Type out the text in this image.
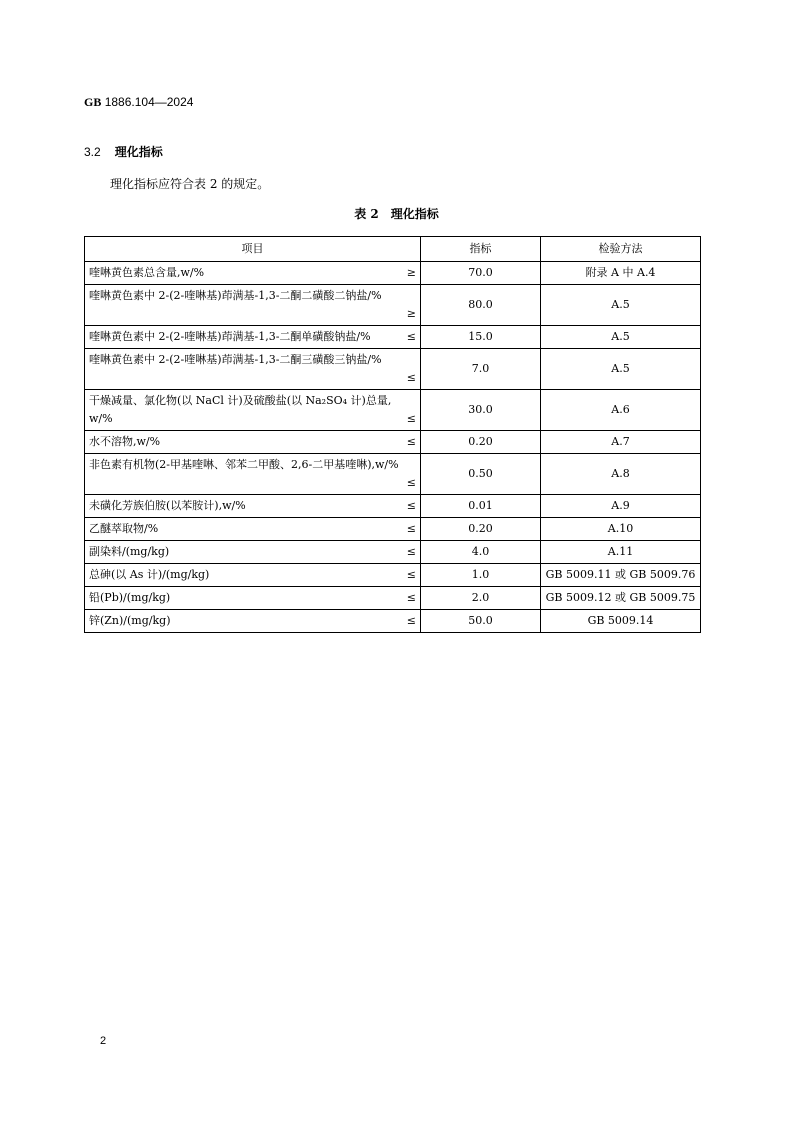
GB 1886.104—2024
3.2 理化指标
理化指标应符合表 2 的规定。
表 2　理化指标
项目	指标	检验方法

喹啉黄色素总含量,w/% ≥	70.0	附录 A 中 A.4

喹啉黄色素中 2-(2-喹啉基)茚满基-1,3-二酮二磺酸二钠盐/%
≥	80.0	A.5

喹啉黄色素中 2-(2-喹啉基)茚满基-1,3-二酮单磺酸钠盐/% ≤	15.0	A.5

喹啉黄色素中 2-(2-喹啉基)茚满基-1,3-二酮三磺酸三钠盐/%
≤	7.0	A.5

干燥减量、氯化物(以 NaCl 计)及硫酸盐(以 Na₂SO₄ 计)总量,
w/% ≤	30.0	A.6

水不溶物,w/% ≤	0.20	A.7

非色素有机物(2-甲基喹啉、邻苯二甲酸、2,6-二甲基喹啉),w/%
≤	0.50	A.8

未磺化芳族伯胺(以苯胺计),w/% ≤	0.01	A.9

乙醚萃取物/% ≤	0.20	A.10

副染料/(mg/kg) ≤	4.0	A.11

总砷(以 As 计)/(mg/kg) ≤	1.0	GB 5009.11 或 GB 5009.76

铅(Pb)/(mg/kg) ≤	2.0	GB 5009.12 或 GB 5009.75

锌(Zn)/(mg/kg) ≤	50.0	GB 5009.14
2
